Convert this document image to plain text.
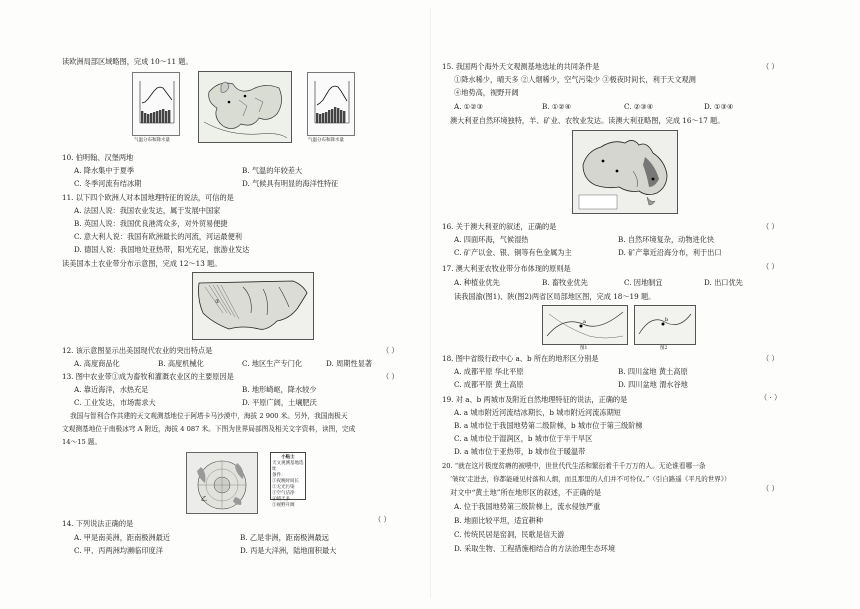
读欧洲局部区域略图，完成 10～11 题。
气温分布和降水量	气温分布和降水量
10. 伯明翰、汉堡两地
A. 降水集中于夏季	B. 气温的年较差大
C. 冬季河流有结冰期	D. 气候具有明显的海洋性特征
11. 以下四个欧洲人对本国地理特征的说法，可信的是
A. 法国人说：我国农业发达，属于发展中国家
B. 英国人说：我国优良港湾众多，对外贸易便捷
C. 意大利人说：我国有欧洲最长的河流，河运最便利
D. 德国人说：我国地处亚热带，阳光充足，旅游业发达
读美国本土农业带分布示意图，完成 12～13 题。
①
12. 该示意图显示出美国现代农业的突出特点是	（ ）
A. 高度商品化	B. 高度机械化	C. 地区生产专门化	D. 周期性显著
13. 图中农业带①成为畜牧和灌溉农业区的主要原因是	（ ）
A. 靠近海洋，水热充足	B. 地形崎岖，降水较少
C. 工业发达，市场需求大	D. 平原广阔，土壤肥沃
我国与智利合作共建的天文观测基地位于阿塔卡马沙漠中，海拔 2 900 米。另外，我国南极天
文观测基地位于南极冰穹 A 附近，海拔 4 087 米。下图为世界局部图及相关文字资料，读图，完成
14～15 题。
乙
小贴士
天文观测基地选址
条件：
①夜晚时间长
②无光污染
③空气洁净
④晴天多
⑤视野开阔
14. 下列说法正确的是	（ ）
A. 甲是南美洲，距南极洲最近	B. 乙是非洲，距南极洲最远
C. 甲、丙两洲均濒临印度洋	D. 丙是大洋洲，陆地面积最大
15. 我国两个海外天文观测基地选址的共同条件是	（ ）
①降水稀少，晴天多 ②人烟稀少，空气污染少 ③极夜时间长，利于天文观测
④地势高，视野开阔
A. ①②③	B. ①②④	C. ②③④	D. ①③④
澳大利亚自然环境独特，羊、矿业、农牧业发达。读澳大利亚略图，完成 16～17 题。
16. 关于澳大利亚的叙述，正确的是	（ ）
A. 四面环海，气候湿热	B. 自然环境复杂，动物进化快
C. 矿产以金、银、铜等有色金属为主	D. 矿产靠近沿海分布，利于出口
17. 澳大利亚农牧业带分布体现的原则是	（ ）
A. 种植业优先	B. 畜牧业优先	C. 因地制宜	D. 出口优先
读我国渝(图1)、陕(图2)两省区局部地区图，完成 18～19 题。
a	b
图1	图2
18. 图中省级行政中心 a、b 所在的地形区分别是	（ ）
A. 成都平原 华北平原	B. 四川盆地 黄土高原
C. 成都平原 黄土高原	D. 四川盆地 渭水谷地
19. 对 a、b 两城市及附近自然地理特征的说法，正确的是	（ · ）
A. a 城市附近河流结冰期长，b 城市附近河流冻期短
B. a 城市位于我国地势第二级阶梯，b 城市位于第三级阶梯
C. a 城市位于湿润区，b 城市位于半干旱区
D. a 城市位于亚热带，b 城市位于暖温带
20. “就在这片极度贫瘠的被喂中，世世代代生活和繁衍着千千万万的人。无论谁看哪一条
‘皱纹’走进去，你都能碰见村落和人烟，而且那里的人们并不可怜仅。”（引自路遥《平凡的世界》）
对文中“黄土地”所在地形区的叙述，不正确的是	（ ）
A. 位于我国地势第三级阶梯上，流水侵蚀严重
B. 地面比较平坦，适宜耕种
C. 传统民居是窑洞，民歌是信天游
D. 采取生物、工程措施相结合的方法治理生态环境
